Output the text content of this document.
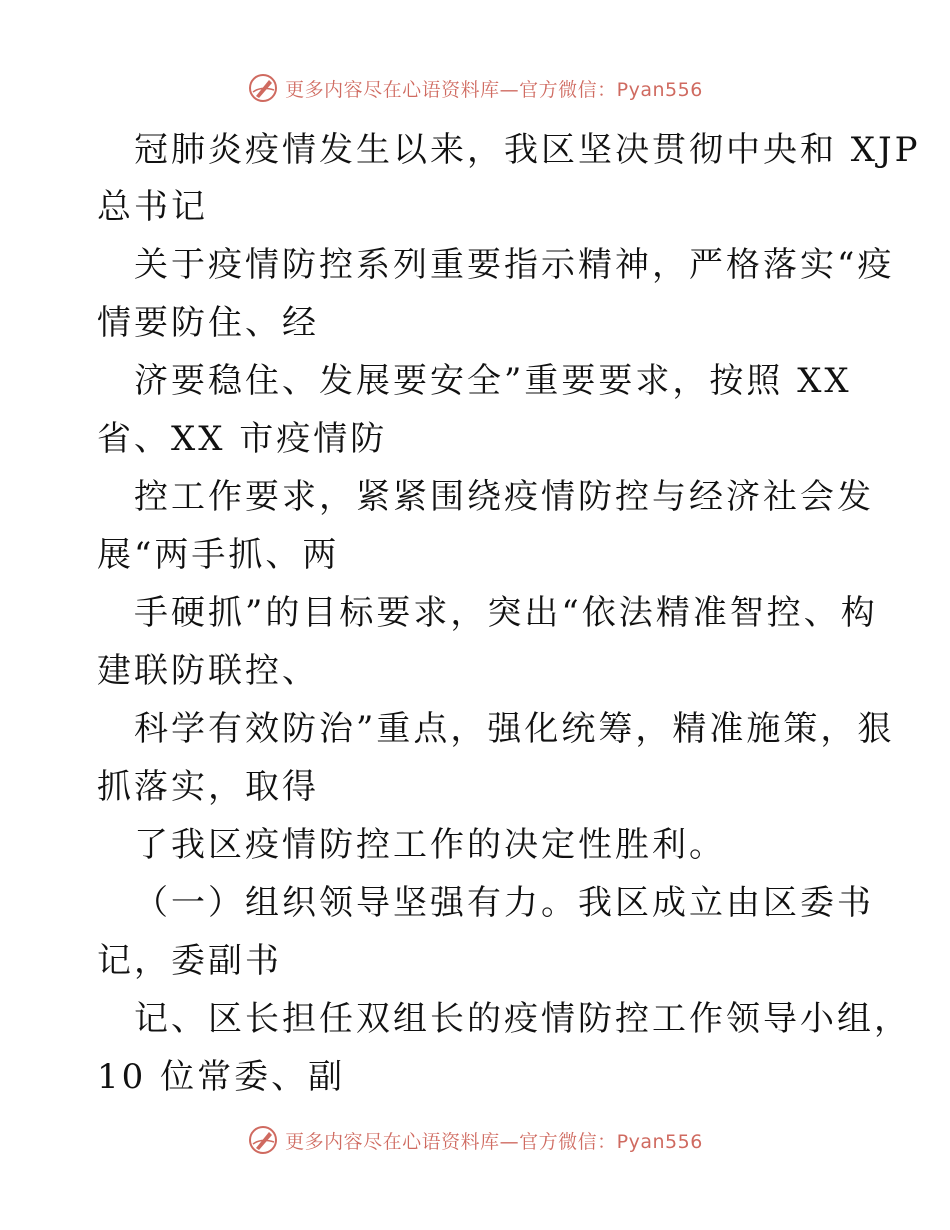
更多内容尽在心语资料库—官方微信：Pyan556
冠肺炎疫情发生以来，我区坚决贯彻中央和 XJP
总书记
关于疫情防控系列重要指示精神，严格落实“疫
情要防住、经
济要稳住、发展要安全”重要要求，按照 XX
省、XX 市疫情防
控工作要求，紧紧围绕疫情防控与经济社会发
展“两手抓、两
手硬抓”的目标要求，突出“依法精准智控、构
建联防联控、
科学有效防治”重点，强化统筹，精准施策，狠
抓落实，取得
了我区疫情防控工作的决定性胜利。
（一）组织领导坚强有力。我区成立由区委书
记，委副书
记、区长担任双组长的疫情防控工作领导小组，
10 位常委、副
更多内容尽在心语资料库—官方微信：Pyan556
